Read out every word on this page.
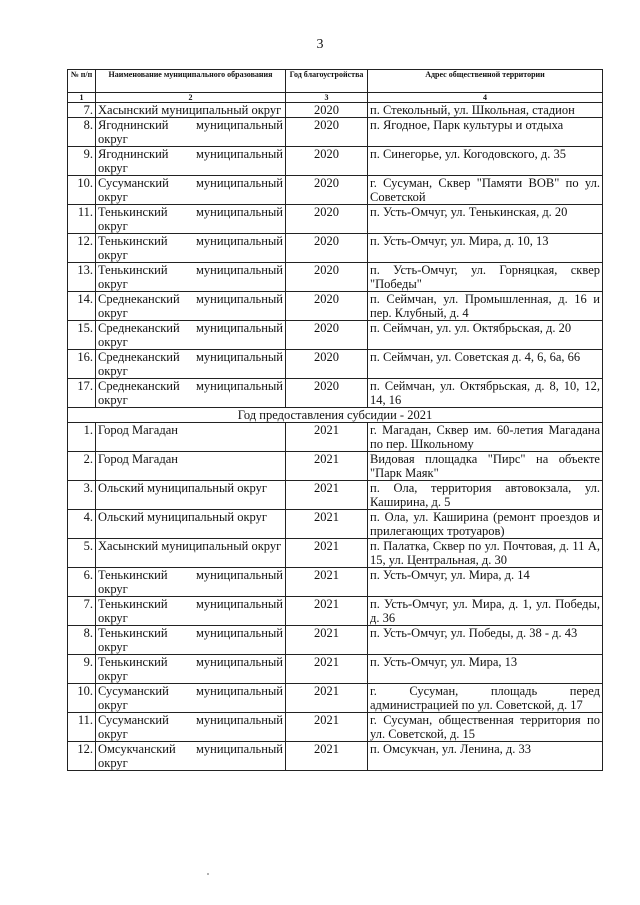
3
№ п/п	Наименование муниципального образования	Год благоустройства	Адрес общественной территории
1	2	3	4
7.	Хасынский муниципальный округ	2020	п. Стекольный, ул. Школьная, стадион
8.	Ягоднинский муниципальный округ	2020	п. Ягодное, Парк культуры и отдыха
9.	Ягоднинский муниципальный округ	2020	п. Синегорье, ул. Когодовского, д. 35
10.	Сусуманский муниципальный округ	2020	г. Сусуман, Сквер "Памяти ВОВ" по ул. Советской
11.	Тенькинский муниципальный округ	2020	п. Усть-Омчуг, ул. Тенькинская, д. 20
12.	Тенькинский муниципальный округ	2020	п. Усть-Омчуг, ул. Мира, д. 10, 13
13.	Тенькинский муниципальный округ	2020	п. Усть-Омчуг, ул. Горняцкая, сквер "Победы"
14.	Среднеканский муниципальный округ	2020	п. Сеймчан, ул. Промышленная, д. 16 и пер. Клубный, д. 4
15.	Среднеканский муниципальный округ	2020	п. Сеймчан, ул. ул. Октябрьская, д. 20
16.	Среднеканский муниципальный округ	2020	п. Сеймчан, ул. Советская д. 4, 6, 6а, 66
17.	Среднеканский муниципальный округ	2020	п. Сеймчан, ул. Октябрьская, д. 8, 10, 12, 14, 16
Год предоставления субсидии - 2021			
1.	Город Магадан	2021	г. Магадан, Сквер им. 60-летия Магадана по пер. Школьному
2.	Город Магадан	2021	Видовая площадка "Пирс" на объекте "Парк Маяк"
3.	Ольский муниципальный округ	2021	п. Ола, территория автовокзала, ул. Каширина, д. 5
4.	Ольский муниципальный округ	2021	п. Ола, ул. Каширина (ремонт проездов и прилегающих тротуаров)
5.	Хасынский муниципальный округ	2021	п. Палатка, Сквер по ул. Почтовая, д. 11 А, 15, ул. Центральная, д. 30
6.	Тенькинский муниципальный округ	2021	п. Усть-Омчуг, ул. Мира, д. 14
7.	Тенькинский муниципальный округ	2021	п. Усть-Омчуг, ул. Мира, д. 1, ул. Победы, д. 36
8.	Тенькинский муниципальный округ	2021	п. Усть-Омчуг, ул. Победы, д. 38 - д. 43
9.	Тенькинский муниципальный округ	2021	п. Усть-Омчуг, ул. Мира, 13
10.	Сусуманский муниципальный округ	2021	г. Сусуман, площадь перед администрацией по ул. Советской, д. 17
11.	Сусуманский муниципальный округ	2021	г. Сусуман, общественная территория по ул. Советской, д. 15
12.	Омсукчанский муниципальный округ	2021	п. Омсукчан, ул. Ленина, д. 33
